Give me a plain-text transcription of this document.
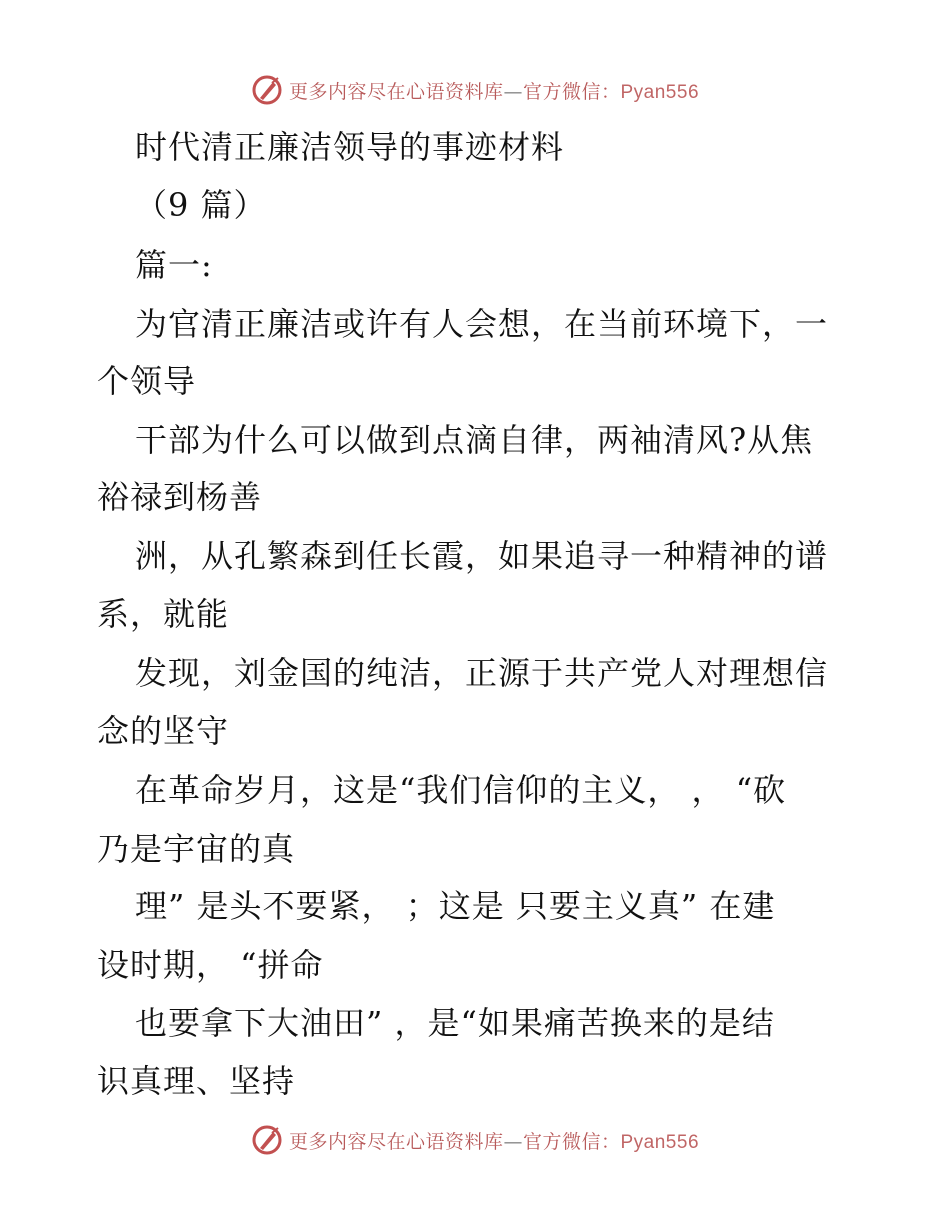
更多内容尽在心语资料库—官方微信：Pyan556
时代清正廉洁领导的事迹材料
（9 篇）
篇一:
为官清正廉洁或许有人会想，在当前环境下，一
个领导
干部为什么可以做到点滴自律，两袖清风?从焦
裕禄到杨善
洲，从孔繁森到任长霞，如果追寻一种精神的谱
系，就能
发现，刘金国的纯洁，正源于共产党人对理想信
念的坚守
在革命岁月，这是“我们信仰的主义， ， “砍
乃是宇宙的真
理” 是头不要紧， ；这是 只要主义真” 在建
设时期， “拼命
也要拿下大油田” ，是“如果痛苦换来的是结
识真理、坚持
更多内容尽在心语资料库—官方微信：Pyan556
